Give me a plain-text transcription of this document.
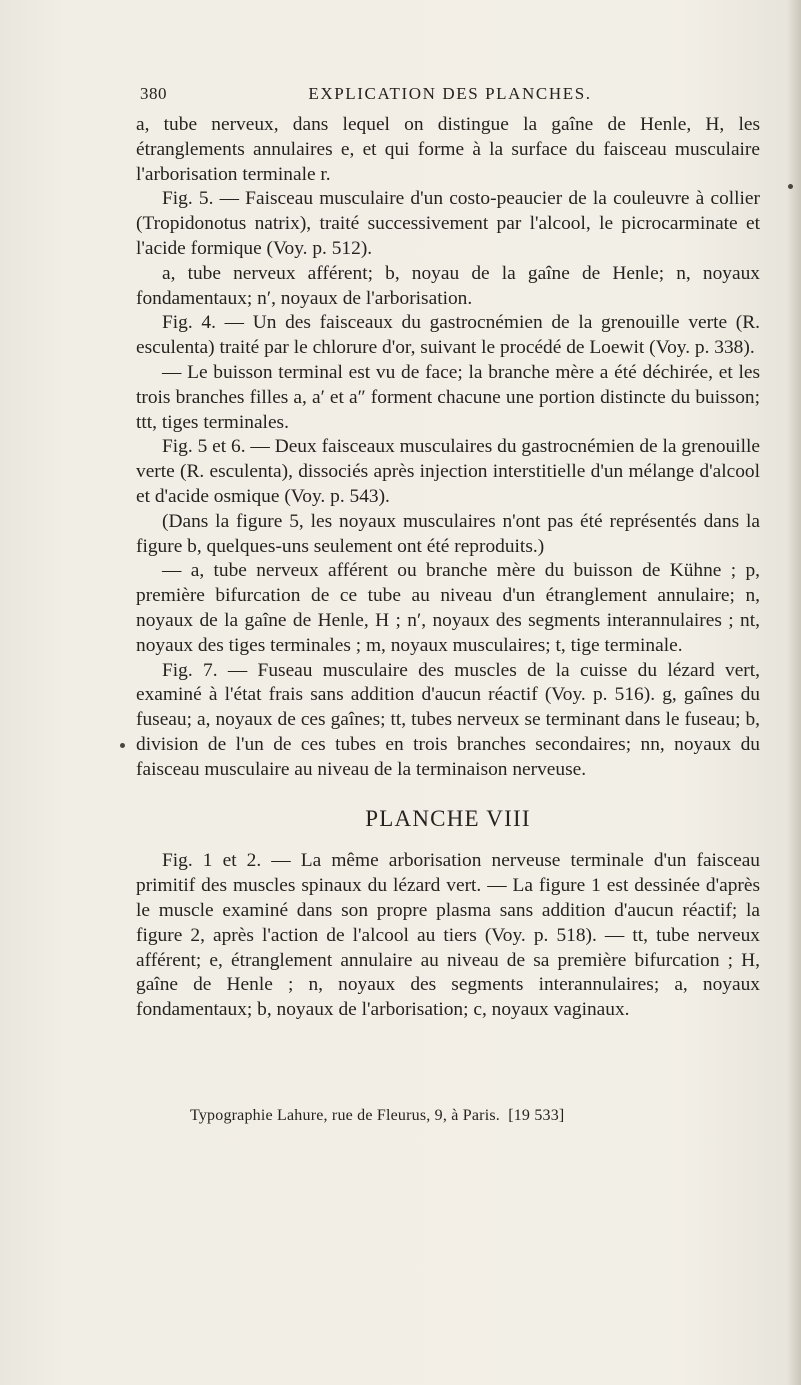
380	EXPLICATION DES PLANCHES.

a, tube nerveux, dans lequel on distingue la gaîne de Henle, H, les étranglements annulaires e, et qui forme à la surface du faisceau musculaire l'arborisation terminale r.

Fig. 5. — Faisceau musculaire d'un costo-peaucier de la couleuvre à collier (Tropidonotus natrix), traité successivement par l'alcool, le picrocarminate et l'acide formique (Voy. p. 512).

a, tube nerveux afférent; b, noyau de la gaîne de Henle; n, noyaux fondamentaux; n′, noyaux de l'arborisation.

Fig. 4. — Un des faisceaux du gastrocnémien de la grenouille verte (R. esculenta) traité par le chlorure d'or, suivant le procédé de Loewit (Voy. p. 338).

— Le buisson terminal est vu de face; la branche mère a été déchirée, et les trois branches filles a, a′ et a″ forment chacune une portion distincte du buisson; ttt, tiges terminales.

Fig. 5 et 6. — Deux faisceaux musculaires du gastrocnémien de la grenouille verte (R. esculenta), dissociés après injection interstitielle d'un mélange d'alcool et d'acide osmique (Voy. p. 543).

(Dans la figure 5, les noyaux musculaires n'ont pas été représentés dans la figure b, quelques-uns seulement ont été reproduits.)

— a, tube nerveux afférent ou branche mère du buisson de Kühne ; p, première bifurcation de ce tube au niveau d'un étranglement annulaire; n, noyaux de la gaîne de Henle, H ; n′, noyaux des segments interannulaires ; nt, noyaux des tiges terminales ; m, noyaux musculaires; t, tige terminale.

Fig. 7. — Fuseau musculaire des muscles de la cuisse du lézard vert, examiné à l'état frais sans addition d'aucun réactif (Voy. p. 516). g, gaînes du fuseau; a, noyaux de ces gaînes; tt, tubes nerveux se terminant dans le fuseau; b, division de l'un de ces tubes en trois branches secondaires; nn, noyaux du faisceau musculaire au niveau de la terminaison nerveuse.

PLANCHE VIII

Fig. 1 et 2. — La même arborisation nerveuse terminale d'un faisceau primitif des muscles spinaux du lézard vert. — La figure 1 est dessinée d'après le muscle examiné dans son propre plasma sans addition d'aucun réactif; la figure 2, après l'action de l'alcool au tiers (Voy. p. 518). — tt, tube nerveux afférent; e, étranglement annulaire au niveau de sa première bifurcation ; H, gaîne de Henle ; n, noyaux des segments interannulaires; a, noyaux fondamentaux; b, noyaux de l'arborisation; c, noyaux vaginaux.

Typographie Lahure, rue de Fleurus, 9, à Paris. [19 533]
